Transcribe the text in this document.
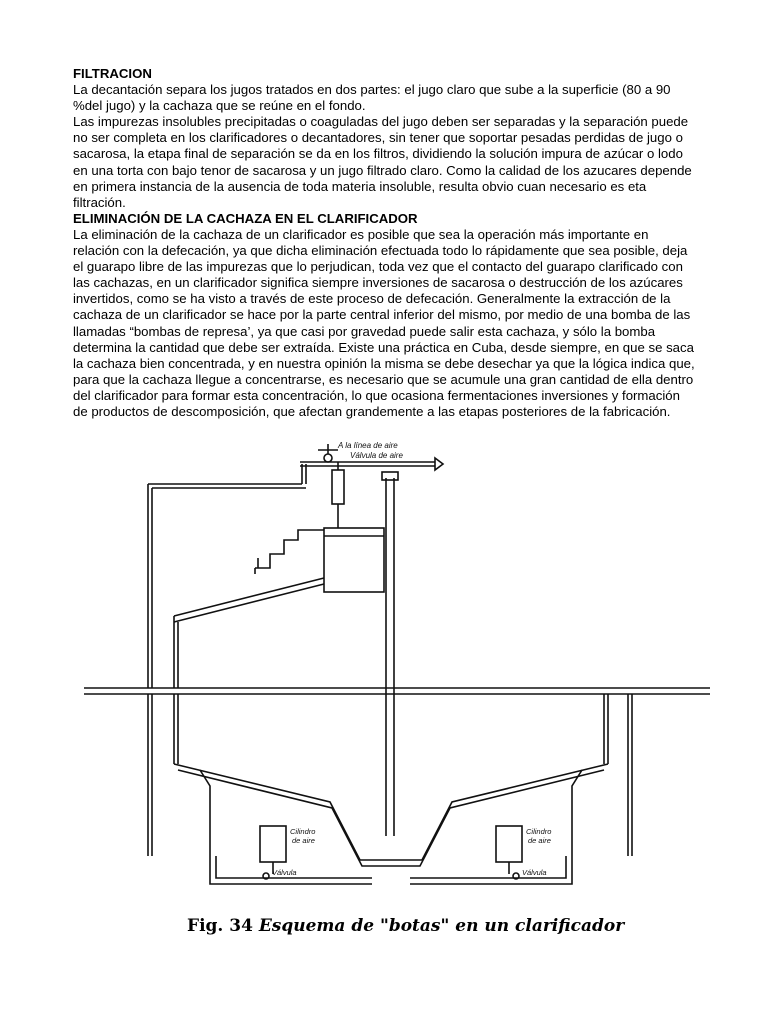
FILTRACION

La decantación separa los jugos tratados en dos partes: el jugo claro que sube a la superficie (80 a 90 %del jugo) y la cachaza que se reúne en el fondo.

Las impurezas insolubles precipitadas o coaguladas del jugo deben ser separadas y la separación puede no ser completa en los clarificadores o decantadores, sin tener que soportar pesadas perdidas de jugo o sacarosa, la etapa final de separación se da en los filtros, dividiendo la solución impura de azúcar o lodo en una torta con bajo tenor de sacarosa y un jugo filtrado claro. Como la calidad de los azucares depende en primera instancia de la ausencia de toda materia insoluble, resulta obvio cuan necesario es eta filtración.

ELIMINACIÓN DE LA CACHAZA EN EL CLARIFICADOR

La eliminación de la cachaza de un clarificador es posible que sea la operación más importante en relación con la defecación, ya que dicha eliminación efectuada todo lo rápidamente que sea posible, deja el guarapo libre de las impurezas que lo perjudican, toda vez que el contacto del guarapo clarificado con las cachazas, en un clarificador significa siempre inversiones de sacarosa o destrucción de los azúcares invertidos, como se ha visto a través de este proceso de defecación. Generalmente la extracción de la cachaza de un clarificador se hace por la parte central inferior del mismo, por medio de una bomba de las llamadas “bombas de represa’, ya que casi por gravedad puede salir esta cachaza, y sólo la bomba determina la cantidad que debe ser extraída. Existe una práctica en Cuba, desde siempre, en que se saca la cachaza bien concentrada, y en nuestra opinión la misma se debe desechar ya que la lógica indica que, para que la cachaza llegue a concentrarse, es necesario que se acumule una gran cantidad de ella dentro del clarificador para formar esta concentración, lo que ocasiona fermentaciones inversiones y formación de productos de descomposición, que afectan grandemente a las etapas posteriores de la fabricación.

A la línea de aire
Válvula de aire
Cilindro de aire
Cilindro de aire
Válvula	Válvula
Fig. 34 Esquema de "botas" en un clarificador
